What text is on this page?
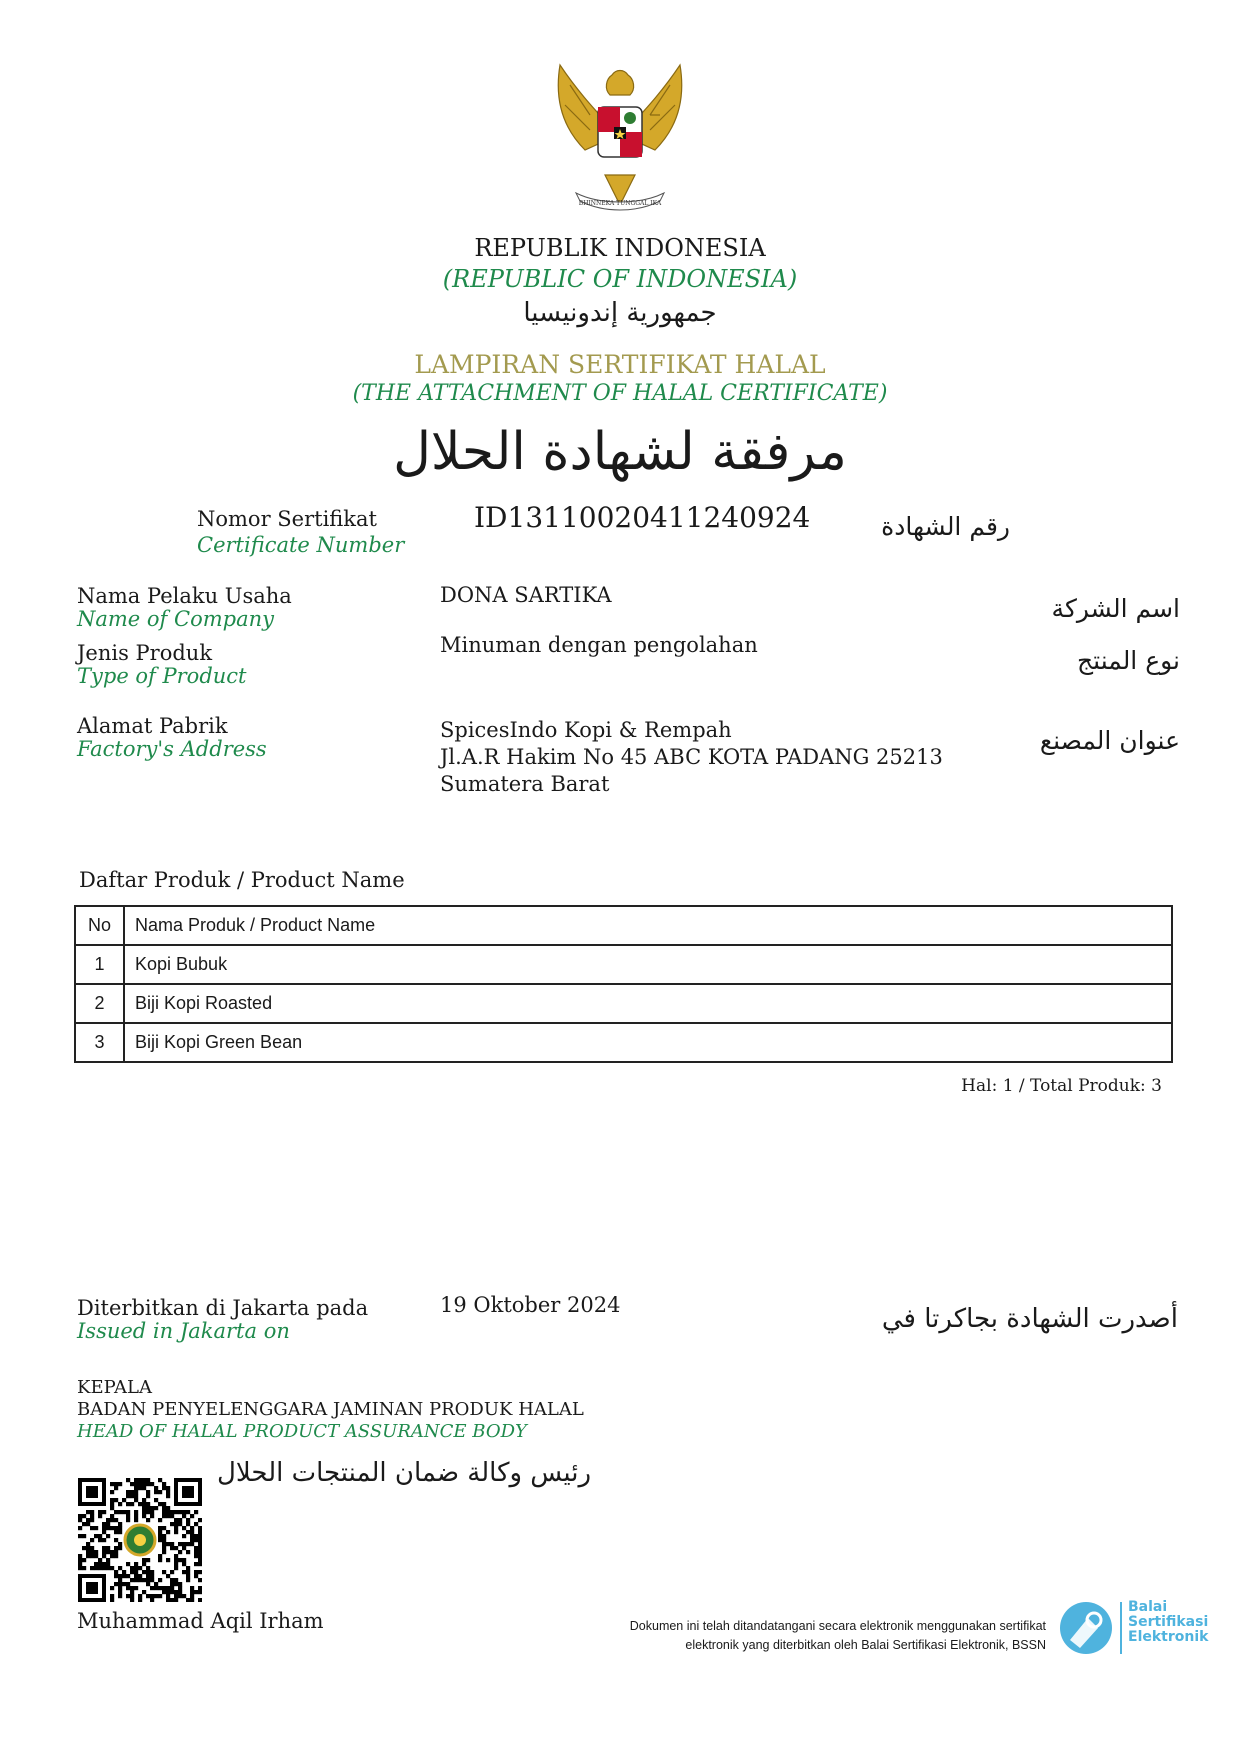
BHINNEKA TUNGGAL IKA
REPUBLIK INDONESIA
(REPUBLIC OF INDONESIA)
جمهورية إندونيسيا
LAMPIRAN SERTIFIKAT HALAL
(THE ATTACHMENT OF HALAL CERTIFICATE)
مرفقة لشهادة الحلال
Nomor Sertifikat
Certificate Number
ID13110020411240924	رقم الشهادة
Nama Pelaku Usaha
Name of Company
DONA SARTIKA	اسم الشركة
Jenis Produk
Type of Product
Minuman dengan pengolahan
نوع المنتج
Alamat Pabrik
Factory's Address
SpicesIndo Kopi & Rempah
Jl.A.R Hakim No 45 ABC KOTA PADANG 25213
Sumatera Barat
عنوان المصنع
Daftar Produk / Product Name
No	Nama Produk / Product Name
1	Kopi Bubuk
2	Biji Kopi Roasted
3	Biji Kopi Green Bean
Hal: 1 / Total Produk: 3
Diterbitkan di Jakarta pada
Issued in Jakarta on
19 Oktober 2024	أصدرت الشهادة بجاكرتا في
KEPALA
BADAN PENYELENGGARA JAMINAN PRODUK HALAL
HEAD OF HALAL PRODUCT ASSURANCE BODY
رئيس وكالة ضمان المنتجات الحلال
Muhammad Aqil Irham	Dokumen ini telah ditandatangani secara elektronik menggunakan sertifikat
elektronik yang diterbitkan oleh Balai Sertifikasi Elektronik, BSSN
Balai
Sertifikasi
Elektronik
